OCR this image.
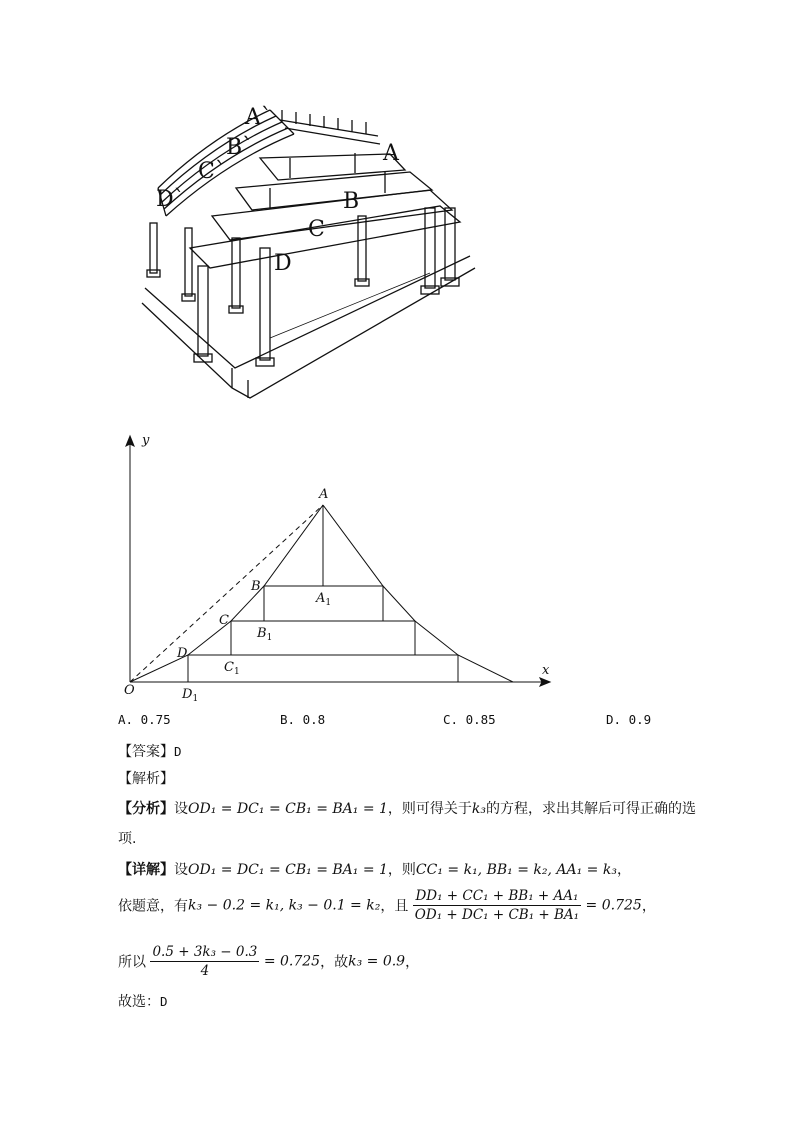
A`
B`
C`
D`
A
B
C
D
y
x
O
A
B
C
D
$A_1$
$B_1$
$C_1$
$D_1$
A. 0.75	B. 0.8	C. 0.85	D. 0.9
【答案】D
【解析】
【分析】设OD₁ = DC₁ = CB₁ = BA₁ = 1，则可得关于k₃的方程，求出其解后可得正确的选
项.
【详解】设OD₁ = DC₁ = CB₁ = BA₁ = 1，则CC₁ = k₁, BB₁ = k₂, AA₁ = k₃，
依题意，有k₃ − 0.2 = k₁, k₃ − 0.1 = k₂，且 $\frac{\text{DD₁ + CC₁ + BB₁ + AA₁}}{\text{OD₁ + DC₁ + CB₁ + BA₁}} = 0.725$，
所以 $\frac{\text{0.5 + 3k₃ − 0.3}}{4} = 0.725$，故k₃ = 0.9，
故选：D
